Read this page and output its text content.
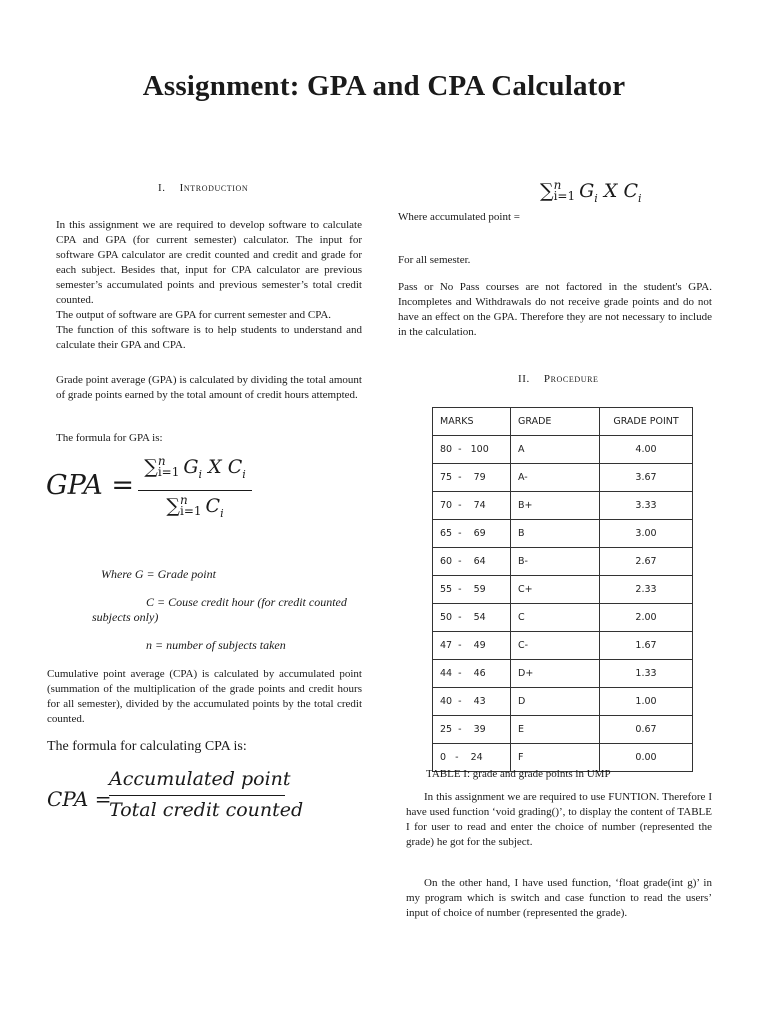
Assignment: GPA and CPA Calculator
I. Introduction

In this assignment we are required to develop software to calculate CPA and GPA (for current semester) calculator. The input for software GPA calculator are credit counted and credit and grade for each subject. Besides that, input for CPA calculator are previous semester’s accumulated points and previous semester’s total credit counted.

The output of software are GPA for current semester and CPA.

The function of this software is to help students to understand and calculate their GPA and CPA.

Grade point average (GPA) is calculated by dividing the total amount of grade points earned by the total amount of credit hours attempted.

The formula for GPA is:
GPA =
∑n
i=1 $G_i$ X $C_i$
∑n
i=1 $C_i$
Where G = Grade point
C = Couse credit hour (for credit counted subjects only)
n = number of subjects taken

Cumulative point average (CPA) is calculated by accumulated point (summation of the multiplication of the grade points and credit hours for all semester), divided by the accumulated points by the total credit counted.

The formula for calculating CPA is:
CPA =
Accumulated point
Total credit counted
∑n
i=1 $G_i$ X $C_i$
Where accumulated point =
For all semester.

Pass or No Pass courses are not factored in the student's GPA. Incompletes and Withdrawals do not receive grade points and do not have an effect on the GPA. Therefore they are not necessary to include in the calculation.

II. Procedure
MARKS	GRADE	GRADE POINT
80  -   100	A	4.00
75  -    79	A-	3.67
70  -    74	B+	3.33
65  -    69	B	3.00
60  -    64	B-	2.67
55  -    59	C+	2.33
50  -    54	C	2.00
47  -    49	C-	1.67
44  -    46	D+	1.33
40  -    43	D	1.00
25  -    39	E	0.67
0   -    24	F	0.00
TABLE I: grade and grade points in UMP

In this assignment we are required to use FUNTION. Therefore I have used function ‘void grading()’, to display the content of TABLE I for user to read and enter the choice of number (represented the grade) he got for the subject.

On the other hand, I have used function, ‘float grade(int g)’ in my program which is switch and case function to read the users’ input of choice of number (represented the grade).
